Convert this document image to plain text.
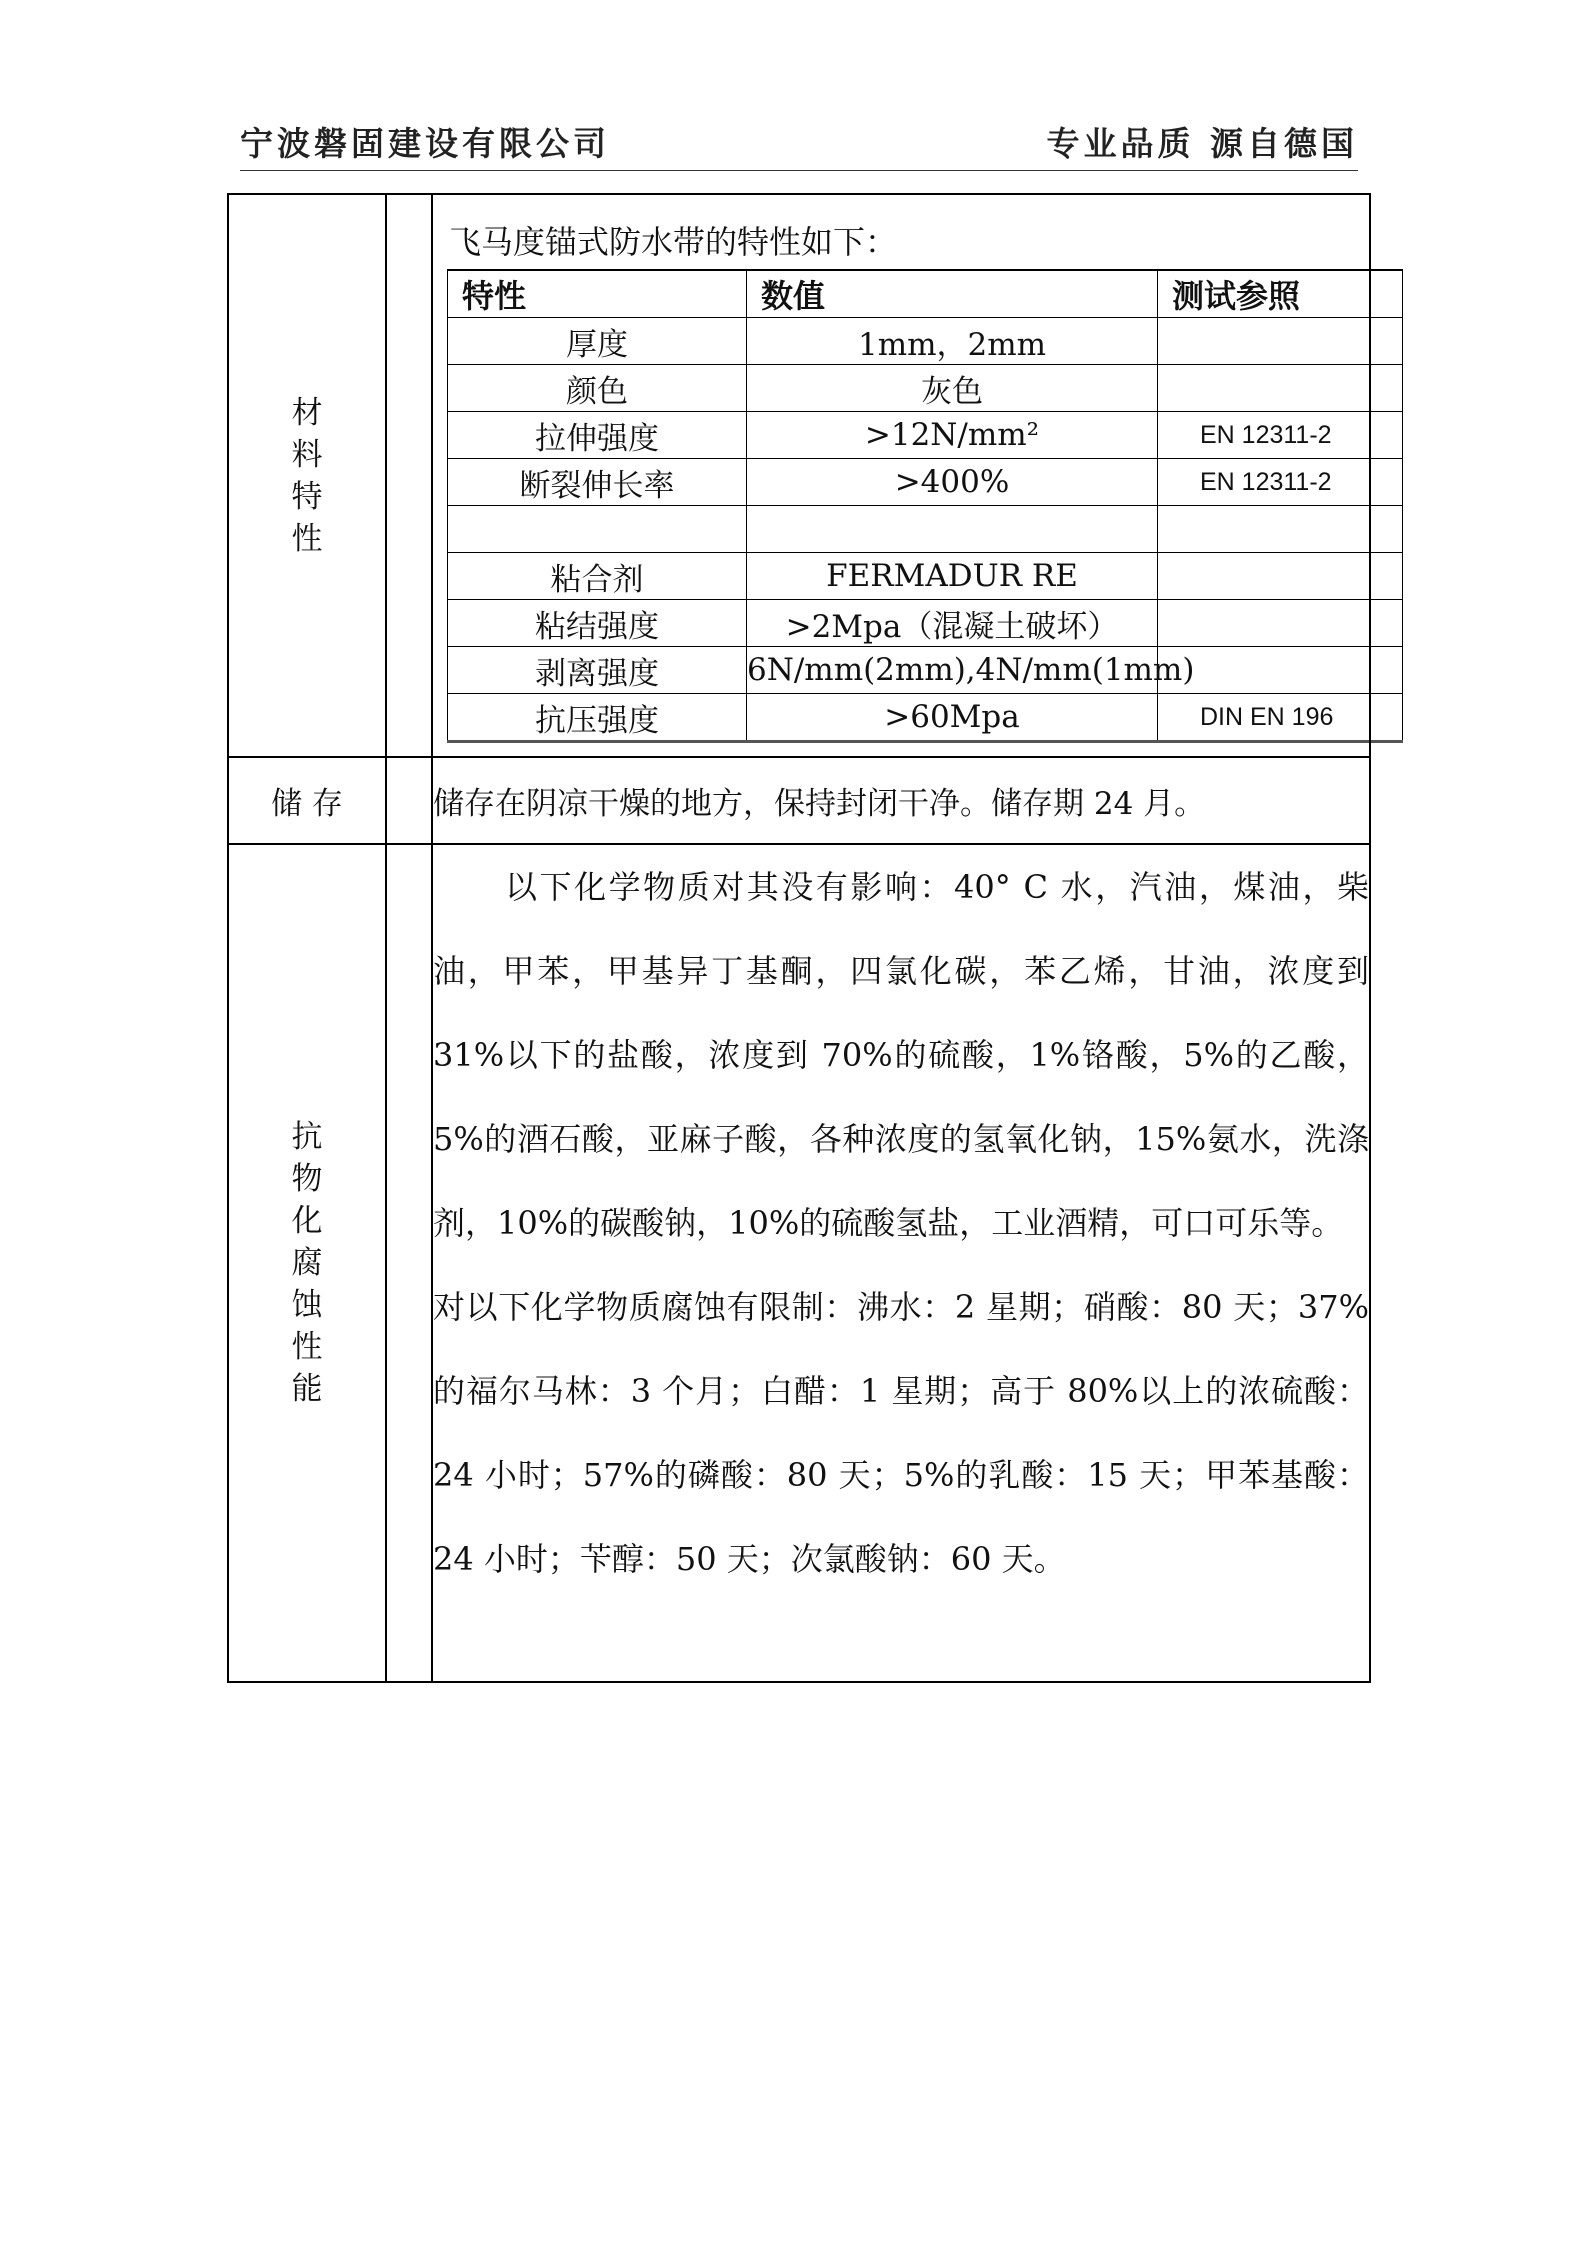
宁波磐固建设有限公司	专业品质 源自德国
材料特性		
飞马度锚式防水带的特性如下：
特性	数值	测试参照
厚度	1mm，2mm	
颜色	灰色	
拉伸强度	>12N/mm²	EN 12311-2
断裂伸长率	>400%	EN 12311-2

粘合剂	FERMADUR RE	
粘结强度	>2Mpa（混凝土破坏）	
剥离强度	6N/mm(2mm),4N/mm(1mm)	
抗压强度	>60Mpa	DIN EN 196

储 存		储存在阴凉干燥的地方，保持封闭干净。储存期 24 月。
抗物化腐蚀性能		

以下化学物质对其没有影响：40° C 水，汽油，煤油，柴油，甲苯，甲基异丁基酮，四氯化碳，苯乙烯，甘油，浓度到 31%以下的盐酸，浓度到 70%的硫酸，1%铬酸，5%的乙酸，5%的酒石酸，亚麻子酸，各种浓度的氢氧化钠，15%氨水，洗涤剂，10%的碳酸钠，10%的硫酸氢盐，工业酒精，可口可乐等。

对以下化学物质腐蚀有限制：沸水：2 星期；硝酸：80 天；37%的福尔马林：3 个月；白醋：1 星期；高于 80%以上的浓硫酸：24 小时；57%的磷酸：80 天；5%的乳酸：15 天；甲苯基酸：24 小时；苄醇：50 天；次氯酸钠：60 天。
